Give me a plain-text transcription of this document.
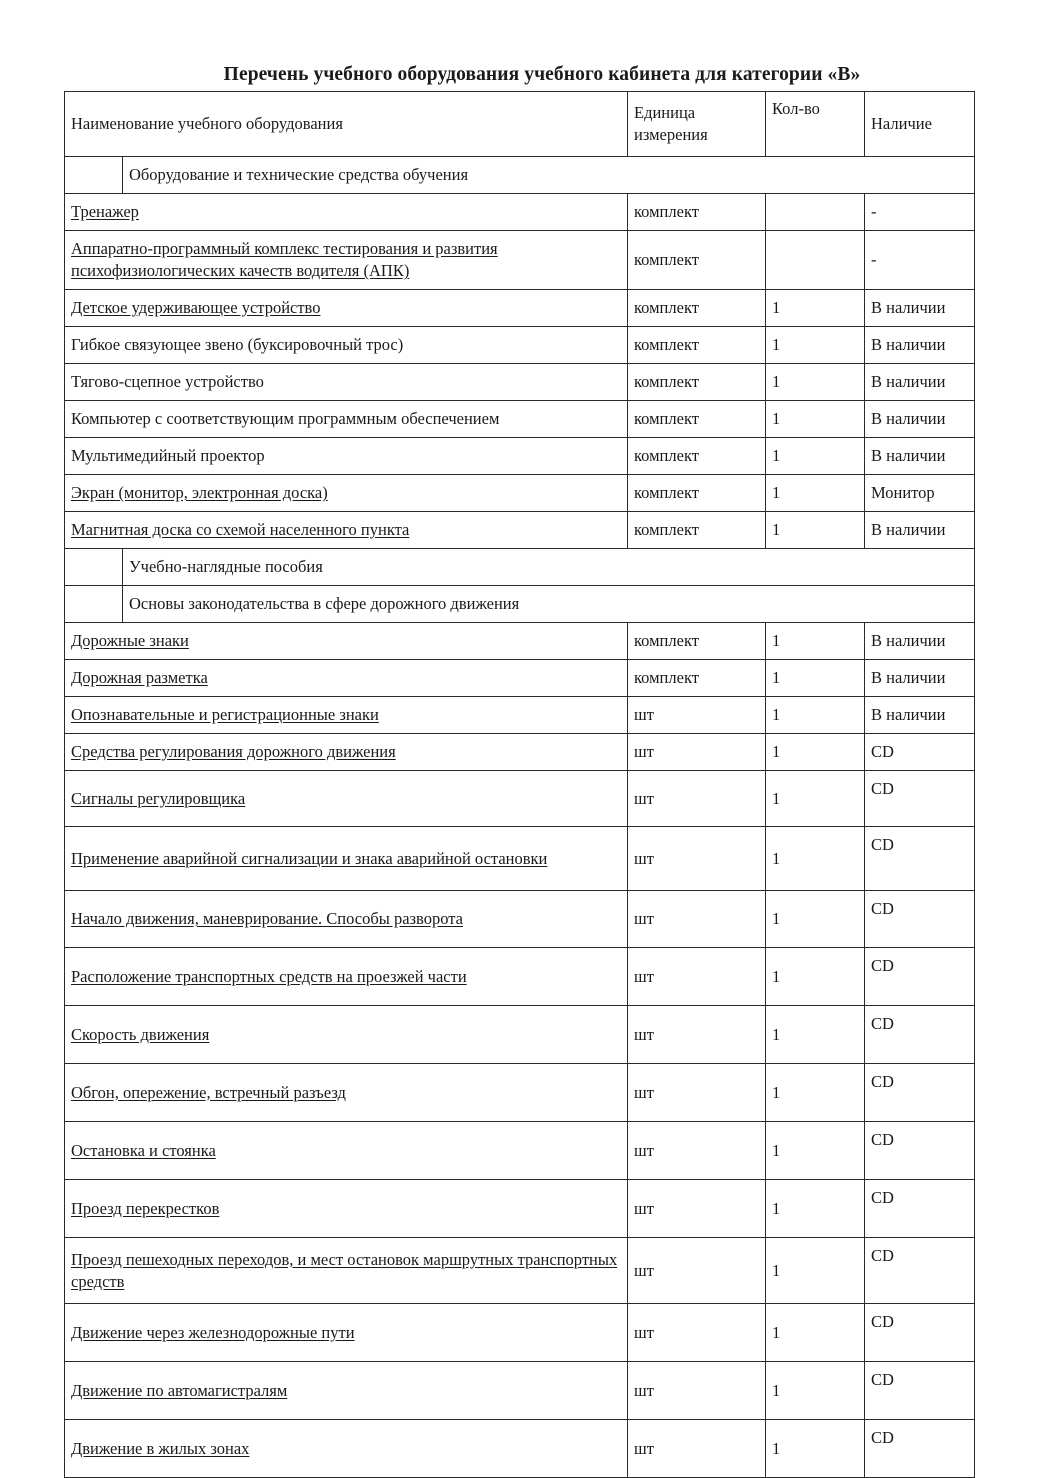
Перечень учебного оборудования учебного кабинета для категории «В»
Наименование учебного оборудования		Единица измерения	Кол-во	Наличие
	Оборудование и технические средства обучения			
Тренажер		комплект		-
Аппаратно-программный комплекс тестирования и развития психофизиологических качеств водителя (АПК)		комплект		-
Детское удерживающее устройство		комплект	1	В наличии
Гибкое связующее звено (буксировочный трос)		комплект	1	В наличии
Тягово-сцепное устройство		комплект	1	В наличии
Компьютер с соответствующим программным обеспечением		комплект	1	В наличии
Мультимедийный проектор		комплект	1	В наличии
Экран (монитор, электронная доска)		комплект	1	Монитор
Магнитная доска со схемой населенного пункта		комплект	1	В наличии
	Учебно-наглядные пособия			
	Основы законодательства в сфере дорожного движения			
Дорожные знаки		комплект	1	В наличии
Дорожная разметка		комплект	1	В наличии
Опознавательные и регистрационные знаки		шт	1	В наличии
Средства регулирования дорожного движения		шт	1	CD
Сигналы регулировщика		шт	1	CD
Применение аварийной сигнализации и знака аварийной остановки		шт	1	CD
Начало движения, маневрирование. Способы разворота		шт	1	CD
Расположение транспортных средств на проезжей части		шт	1	CD
Скорость движения		шт	1	CD
Обгон, опережение, встречный разъезд		шт	1	CD
Остановка и стоянка		шт	1	CD
Проезд перекрестков		шт	1	CD
Проезд пешеходных переходов, и мест остановок маршрутных транспортных средств		шт	1	CD
Движение через железнодорожные пути		шт	1	CD
Движение по автомагистралям		шт	1	CD
Движение в жилых зонах		шт	1	CD
